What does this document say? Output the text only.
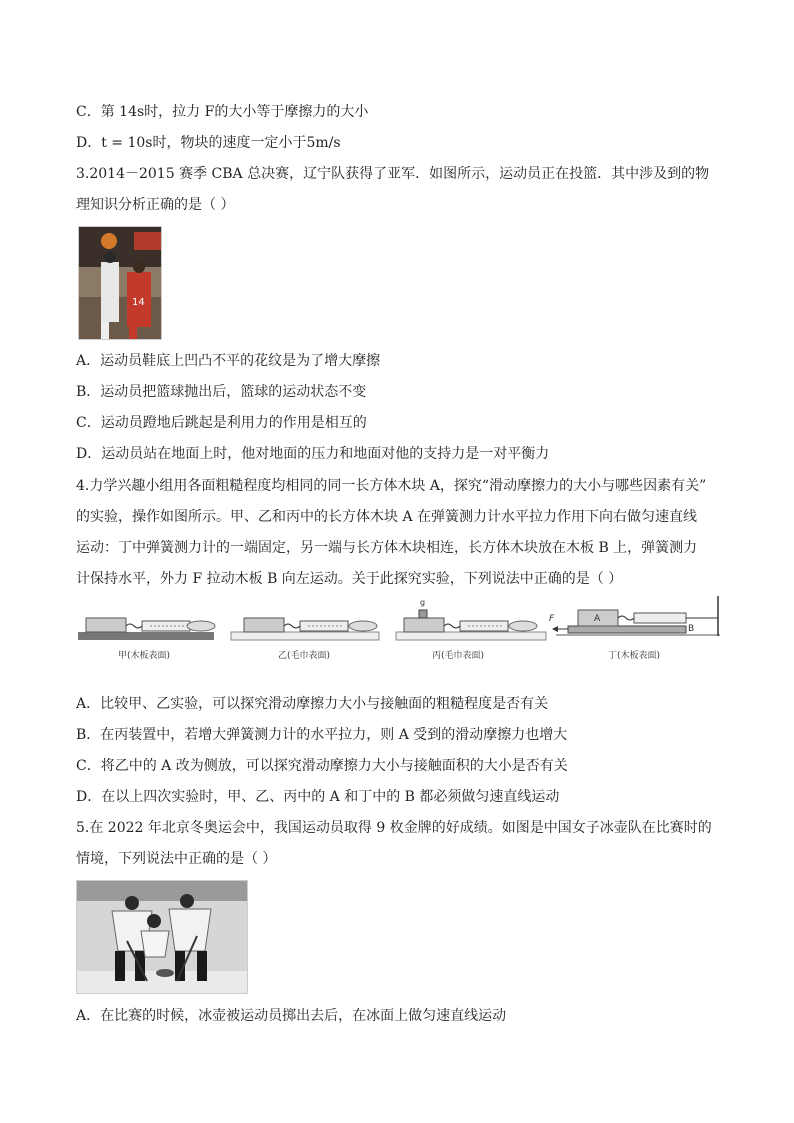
C．第 14s时，拉力 F的大小等于摩擦力的大小
D．t = 10s时，物块的速度一定小于5m/s
3.2014－2015 赛季 CBA 总决赛，辽宁队获得了亚军．如图所示，运动员正在投篮．其中涉及到的物
理知识分析正确的是（ ）
14
A．运动员鞋底上凹凸不平的花纹是为了增大摩擦
B．运动员把篮球抛出后，篮球的运动状态不变
C．运动员蹬地后跳起是利用力的作用是相互的
D．运动员站在地面上时，他对地面的压力和地面对他的支持力是一对平衡力
4.力学兴趣小组用各面粗糙程度均相同的同一长方体木块 A，探究“滑动摩擦力的大小与哪些因素有关”
的实验，操作如图所示。甲、乙和丙中的长方体木块 A 在弹簧测力计水平拉力作用下向右做匀速直线
运动：丁中弹簧测力计的一端固定，另一端与长方体木块相连，长方体木块放在木板 B 上，弹簧测力
计保持水平，外力 F 拉动木板 B 向左运动。关于此探究实验，下列说法中正确的是（ ）
F	A
B
g
甲(木板表面)	乙(毛巾表面)	丙(毛巾表面)	丁(木板表面)
A．比较甲、乙实验，可以探究滑动摩擦力大小与接触面的粗糙程度是否有关
B．在丙装置中，若增大弹簧测力计的水平拉力，则 A 受到的滑动摩擦力也增大
C．将乙中的 A 改为侧放，可以探究滑动摩擦力大小与接触面积的大小是否有关
D．在以上四次实验时，甲、乙、丙中的 A 和丁中的 B 都必须做匀速直线运动
5.在 2022 年北京冬奥运会中，我国运动员取得 9 枚金牌的好成绩。如图是中国女子冰壶队在比赛时的
情境，下列说法中正确的是（ ）
A．在比赛的时候，冰壶被运动员掷出去后，在冰面上做匀速直线运动
